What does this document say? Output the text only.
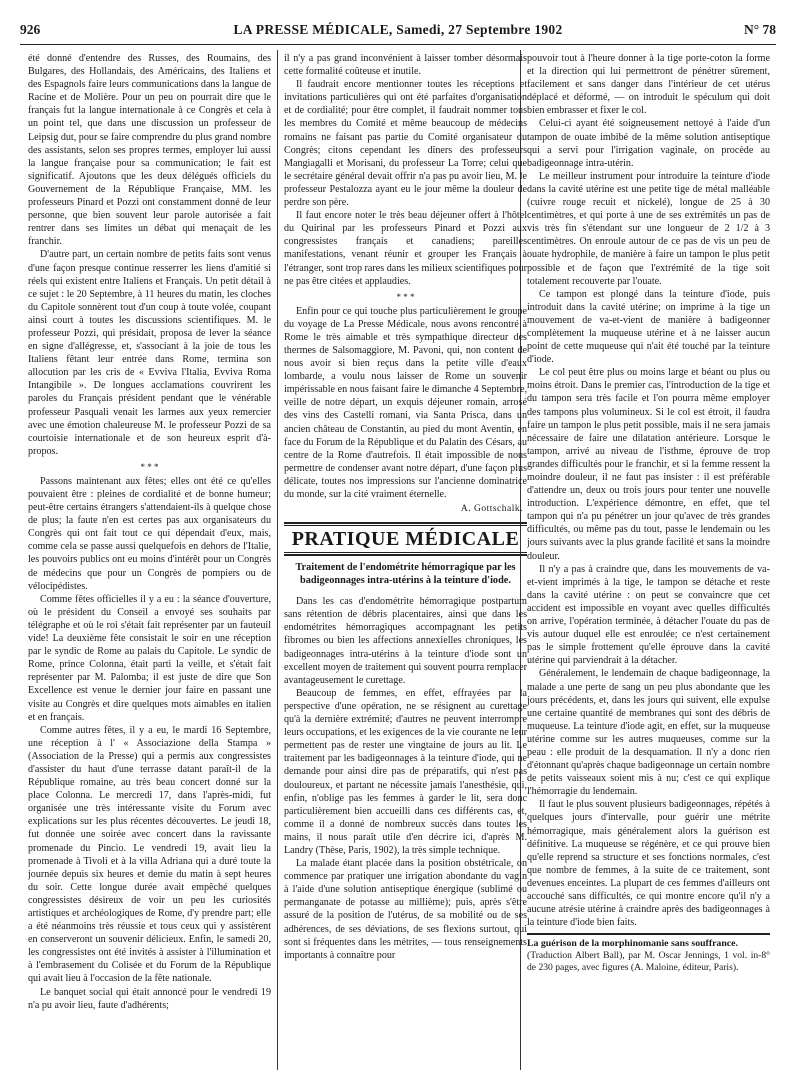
926	LA PRESSE MÉDICALE, Samedi, 27 Septembre 1902	N° 78

été donné d'entendre des Russes, des Roumains, des Bulgares, des Hollandais, des Américains, des Italiens et des Espagnols faire leurs communications dans la langue de Racine et de Molière. Pour un peu on pourrait dire que le français fut la langue internationale à ce Congrès et cela à un point tel, que dans une discussion un professeur de Leipsig dut, pour se faire comprendre du plus grand nombre des assistants, selon ses propres termes, employer lui aussi la langue française pour sa communication; le fait est significatif. Ajoutons que les deux délégués officiels du Gouvernement de la République Française, MM. les professeurs Pinard et Pozzi ont constamment donné de leur personne, que bien souvent leur parole autorisée a fait rentrer dans ses limites un débat qui menaçait de les franchir.

D'autre part, un certain nombre de petits faits sont venus d'une façon presque continue resserrer les liens d'amitié si réels qui existent entre Italiens et Français. Un petit détail à ce sujet : le 20 Septembre, à 11 heures du matin, les cloches du Capitole sonnèrent tout d'un coup à toute volée, coupant ainsi court à toutes les discussions scientifiques. M. le professeur Pozzi, qui présidait, proposa de lever la séance en signe d'allégresse, et, s'associant à la joie de tous les Italiens fêtant leur entrée dans Rome, termina son allocution par les cris de « Evviva l'Italia, Evviva Roma Intangibile ». De longues acclamations couvrirent les paroles du Français président pendant que le vénérable professeur Pasquali venait les larmes aux yeux remercier avec une émotion chaleureuse M. le professeur Pozzi de sa courtoisie internationale et de son heureux esprit d'à-propos.

* * *

Passons maintenant aux fêtes; elles ont été ce qu'elles pouvaient être : pleines de cordialité et de bonne humeur; peut-être certains étrangers s'attendaient-ils à quelque chose de plus; la faute n'en est certes pas aux organisateurs du Congrès qui ont fait tout ce qui dépendait d'eux, mais, comme cela se passe aussi quelquefois en dehors de l'Italie, les pouvoirs publics ont eu moins d'intérêt pour un Congrès de médecins que pour un Congrès de pompiers ou de vélocipédistes.

Comme fêtes officielles il y a eu : la séance d'ouverture, où le président du Conseil a envoyé ses souhaits par télégraphe et où le roi s'était fait représenter par un fauteuil vide! La deuxième fête consistait le soir en une réception par le syndic de Rome au palais du Capitole. Le syndic de Rome, prince Colonna, était parti la veille, et s'était fait représenter par M. Palomba; il est juste de dire que Son Excellence est venue le dernier jour faire en passant une visite au Congrès et dire quelques mots aimables en italien et en français.

Comme autres fêtes, il y a eu, le mardi 16 Septembre, une réception à l' « Associazione della Stampa » (Association de la Presse) qui a permis aux congressistes d'assister du haut d'une terrasse datant paraît-il de la République romaine, au très beau concert donné sur la place Colonna. Le mercredi 17, dans l'après-midi, fut organisée une très intéressante visite du Forum avec explications sur les plus récentes découvertes. Le jeudi 18, fut donnée une soirée avec concert dans la ravissante promenade du Pincio. Le vendredi 19, avait lieu la promenade à Tivoli et à la villa Adriana qui a duré toute la journée depuis six heures et demie du matin à sept heures du soir. Cette longue durée avait empêché quelques congressistes désireux de voir un peu les curiosités artistiques et archéologiques de Rome, d'y prendre part; elle a été néanmoins très réussie et tous ceux qui y assistèrent en conserveront un souvenir délicieux. Enfin, le samedi 20, les congressistes ont été invités à assister à l'illumination et à l'embrasement du Colisée et du Forum de la République qui avait lieu à l'occasion de la fête nationale.

Le banquet social qui était annoncé pour le vendredi 19 n'a pu avoir lieu, faute d'adhérents;

il n'y a pas grand inconvénient à laisser tomber désormais cette formalité coûteuse et inutile.

Il faudrait encore mentionner toutes les réceptions et invitations particulières qui ont été parfaites d'organisation et de cordialité; pour être complet, il faudrait nommer tous les membres du Comité et même beaucoup de médecins romains ne faisant pas partie du Comité organisateur du Congrès; citons cependant les dîners des professeurs Mangiagalli et Morisani, du professeur La Torre; celui que le secrétaire général devait offrir n'a pas pu avoir lieu, M. le professeur Pestalozza ayant eu le jour même la douleur de perdre son père.

Il faut encore noter le très beau déjeuner offert à l'hôtel du Quirinal par les professeurs Pinard et Pozzi aux congressistes français et canadiens; pareilles manifestations, venant réunir et grouper les Français à l'étranger, sont trop rares dans les milieux scientifiques pour ne pas être citées et applaudies.

* * *

Enfin pour ce qui touche plus particulièrement le groupe du voyage de La Presse Médicale, nous avons rencontré à Rome le très aimable et très sympathique directeur des thermes de Salsomaggiore, M. Pavoni, qui, non content de nous avoir si bien reçus dans la petite ville d'eaux lombarde, a voulu nous laisser de Rome un souvenir impérissable en nous faisant faire le dimanche 4 Septembre, veille de notre départ, un exquis déjeuner romain, arrosé des vins des Castelli romani, via Santa Prisca, dans un ancien château de Constantin, au pied du mont Aventin, en face du Forum de la République et du Palatin des Césars, au centre de la Rome d'autrefois. Il était impossible de nous permettre de condenser avant notre départ, d'une façon plus délicate, toutes nos impressions sur l'ancienne dominatrice du monde, sur la cité vraiment éternelle.

A. Gottschalk.
PRATIQUE MÉDICALE
Traitement de l'endométrite hémorragique par les badigeonnages intra-utérins à la teinture d'iode.

Dans les cas d'endométrite hémorragique postpartum sans rétention de débris placentaires, ainsi que dans les endométrites hémorragiques accompagnant les petits fibromes ou bien les affections annexielles chroniques, les badigeonnages intra-utérins à la teinture d'iode sont un excellent moyen de traitement qui souvent pourra remplacer avantageusement le curettage.

Beaucoup de femmes, en effet, effrayées par la perspective d'une opération, ne se résignent au curettage qu'à la dernière extrémité; d'autres ne peuvent interrompre leurs occupations, et les exigences de la vie courante ne leur permettent pas de rester une vingtaine de jours au lit. Le traitement par les badigeonnages à la teinture d'iode, qui ne demande pour ainsi dire pas de préparatifs, qui n'est pas douloureux, et partant ne nécessite jamais l'anesthésie, qui, enfin, n'oblige pas les femmes à garder le lit, sera donc particulièrement bien accueilli dans ces différents cas, et, comme il a donné de nombreux succès dans toutes les mains, il nous paraît utile d'en décrire ici, d'après M. Landry (Thèse, Paris, 1902), la très simple technique.

La malade étant placée dans la position obstétricale, on commence par pratiquer une irrigation abondante du vagin à l'aide d'une solution antiseptique énergique (sublimé ou permanganate de potasse au millième); puis, après s'être assuré de la position de l'utérus, de sa mobilité ou de ses adhérences, de ses déviations, de ses flexions surtout, qui sont si fréquentes dans les métrites, — tous renseignements importants à connaître pour

pouvoir tout à l'heure donner à la tige porte-coton la forme et la direction qui lui permettront de pénétrer sûrement, facilement et sans danger dans l'intérieur de cet utérus déplacé et déformé, — on introduit le spéculum qui doit bien embrasser et fixer le col.

Celui-ci ayant été soigneusement nettoyé à l'aide d'un tampon de ouate imbibé de la même solution antiseptique qui a servi pour l'irrigation vaginale, on procède au badigeonnage intra-utérin.

Le meilleur instrument pour introduire la teinture d'iode dans la cavité utérine est une petite tige de métal malléable (cuivre rouge recuit et nickelé), longue de 25 à 30 centimètres, et qui porte à une de ses extrémités un pas de vis très fin s'étendant sur une longueur de 2 1/2 à 3 centimètres. On enroule autour de ce pas de vis un peu de ouate hydrophile, de manière à faire un tampon le plus petit possible et de façon que l'extrémité de la tige soit totalement recouverte par l'ouate.

Ce tampon est plongé dans la teinture d'iode, puis introduit dans la cavité utérine; on imprime à la tige un mouvement de va-et-vient de manière à badigeonner complètement la muqueuse utérine et à ne laisser aucun point de cette muqueuse qui n'ait été touché par la teinture d'iode.

Le col peut être plus ou moins large et béant ou plus ou moins étroit. Dans le premier cas, l'introduction de la tige et du tampon sera très facile et l'on pourra même employer des tampons plus volumineux. Si le col est étroit, il faudra faire un tampon le plus petit possible, mais il ne sera jamais nécessaire de faire une dilatation antérieure. Lorsque le tampon, arrivé au niveau de l'isthme, éprouve de trop grandes difficultés pour le franchir, et si la femme ressent la moindre douleur, il ne faut pas insister : il est préférable d'attendre un, deux ou trois jours pour tenter une nouvelle introduction. L'expérience démontre, en effet, que tel tampon qui n'a pu pénétrer un jour qu'avec de très grandes difficultés, ou même pas du tout, passe le lendemain ou les jours suivants avec la plus grande facilité et sans la moindre douleur.

Il n'y a pas à craindre que, dans les mouvements de va-et-vient imprimés à la tige, le tampon se détache et reste dans la cavité utérine : on peut se convaincre que cet accident est impossible en voyant avec quelles difficultés on arrive, l'opération terminée, à détacher l'ouate du pas de vis autour duquel elle est enroulée; ce n'est certainement pas le simple frottement qu'elle éprouve dans la cavité utérine qui parviendrait à la détacher.

Généralement, le lendemain de chaque badigeonnage, la malade a une perte de sang un peu plus abondante que les jours précédents, et, dans les jours qui suivent, elle expulse une certaine quantité de membranes qui sont des débris de muqueuse. La teinture d'iode agit, en effet, sur la muqueuse utérine comme sur les autres muqueuses, comme sur la peau : elle produit de la desquamation. Il n'y a donc rien d'étonnant qu'après chaque badigeonnage un certain nombre de petits vaisseaux soient mis à nu; c'est ce qui explique l'hémorragie du lendemain.

Il faut le plus souvent plusieurs badigeonnages, répétés à quelques jours d'intervalle, pour guérir une métrite hémorragique, mais généralement alors la guérison est définitive. La muqueuse se régénère, et ce qui prouve bien qu'elle reprend sa structure et ses fonctions normales, c'est que nombre de femmes, à la suite de ce traitement, sont devenues enceintes. La plupart de ces femmes d'ailleurs ont accouché sans difficultés, ce qui montre encore qu'il n'y a aucune atrésie utérine à craindre après des badigeonnages à la teinture d'iode bien faits.

La guérison de la morphinomanie sans souffrance.
(Traduction Albert Ball), par M. Oscar Jennings, 1 vol. in-8° de 230 pages, avec figures (A. Maloine, éditeur, Paris).
